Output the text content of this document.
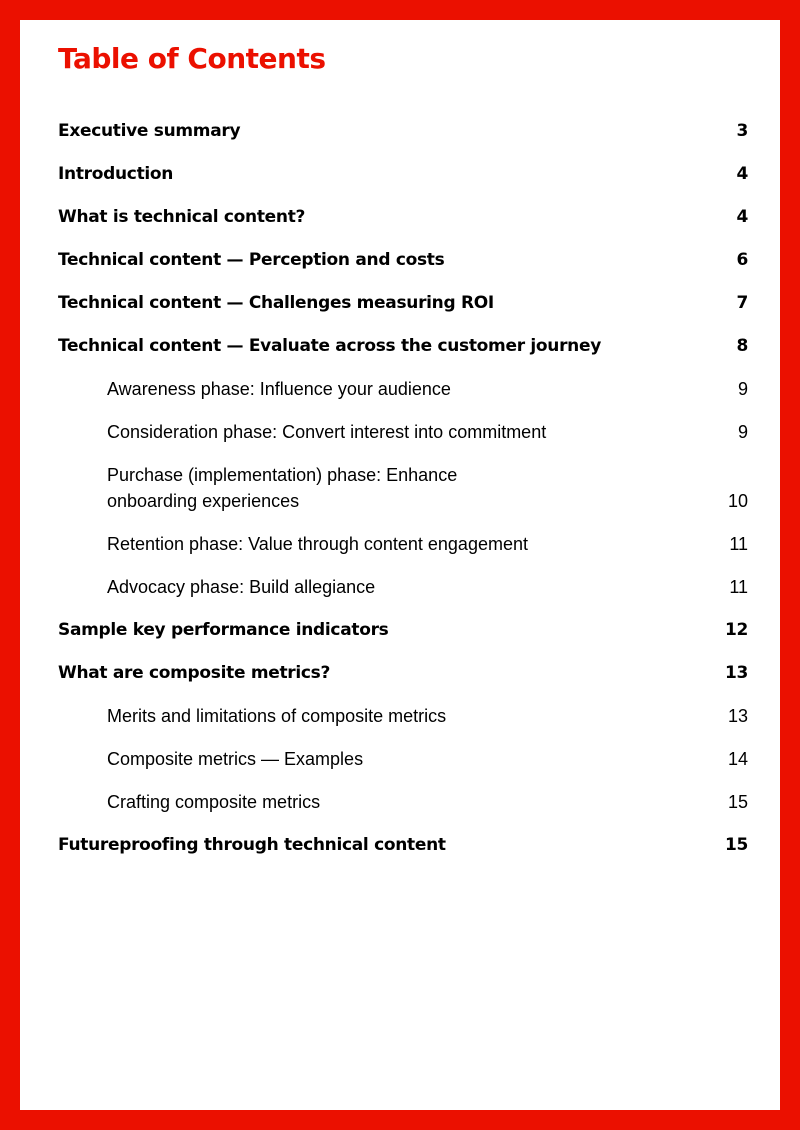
Table of Contents
Executive summary	3
Introduction	4
What is technical content?	4
Technical content — Perception and costs	6
Technical content — Challenges measuring ROI	7
Technical content — Evaluate across the customer journey	8
Awareness phase: Influence your audience	9
Consideration phase: Convert interest into commitment	9
Purchase (implementation) phase: Enhance
onboarding experiences	10
Retention phase: Value through content engagement	11
Advocacy phase: Build allegiance	11
Sample key performance indicators	12
What are composite metrics?	13
Merits and limitations of composite metrics	13
Composite metrics — Examples	14
Crafting composite metrics	15
Futureproofing through technical content	15
